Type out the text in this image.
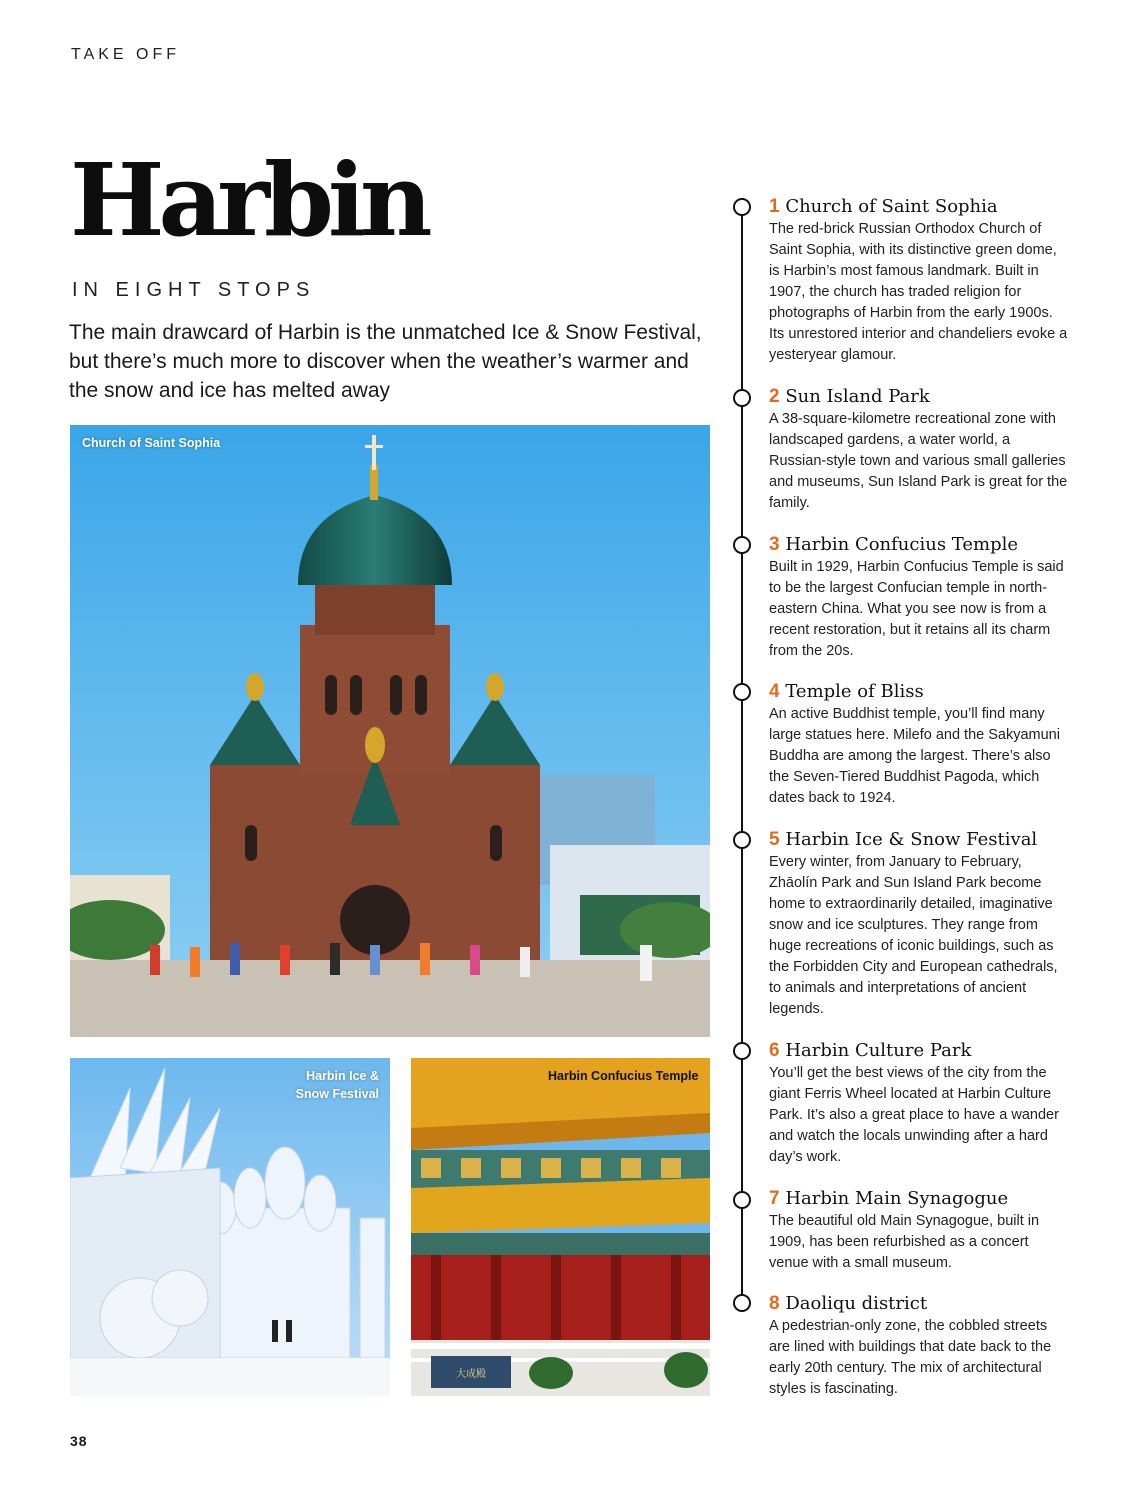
TAKE OFF
Harbin
IN EIGHT STOPS
The main drawcard of Harbin is the unmatched Ice & Snow Festival, but there’s much more to discover when the weather’s warmer and the snow and ice has melted away
Church of Saint Sophia
Harbin Ice &
Snow Festival
大成殿
Harbin Confucius Temple
1 Church of Saint Sophia
The red-brick Russian Orthodox Church of Saint Sophia, with its distinctive green dome, is Harbin’s most famous landmark. Built in 1907, the church has traded religion for photographs of Harbin from the early 1900s. Its unrestored interior and chandeliers evoke a yesteryear glamour.
2 Sun Island Park
A 38-square-kilometre recreational zone with landscaped gardens, a water world, a Russian-style town and various small galleries and museums, Sun Island Park is great for the family.
3 Harbin Confucius Temple
Built in 1929, Harbin Confucius Temple is said to be the largest Confucian temple in north-eastern China. What you see now is from a recent restoration, but it retains all its charm from the 20s.
4 Temple of Bliss
An active Buddhist temple, you’ll find many large statues here. Milefo and the Sakyamuni Buddha are among the largest. There’s also the Seven-Tiered Buddhist Pagoda, which dates back to 1924.
5 Harbin Ice & Snow Festival
Every winter, from January to February, Zhāolín Park and Sun Island Park become home to extraordinarily detailed, imaginative snow and ice sculptures. They range from huge recreations of iconic buildings, such as the Forbidden City and European cathedrals, to animals and interpretations of ancient legends.
6 Harbin Culture Park
You’ll get the best views of the city from the giant Ferris Wheel located at Harbin Culture Park. It’s also a great place to have a wander and watch the locals unwinding after a hard day’s work.
7 Harbin Main Synagogue
The beautiful old Main Synagogue, built in 1909, has been refurbished as a concert venue with a small museum.
8 Daoliqu district
A pedestrian-only zone, the cobbled streets are lined with buildings that date back to the early 20th century. The mix of architectural styles is fascinating.
38
